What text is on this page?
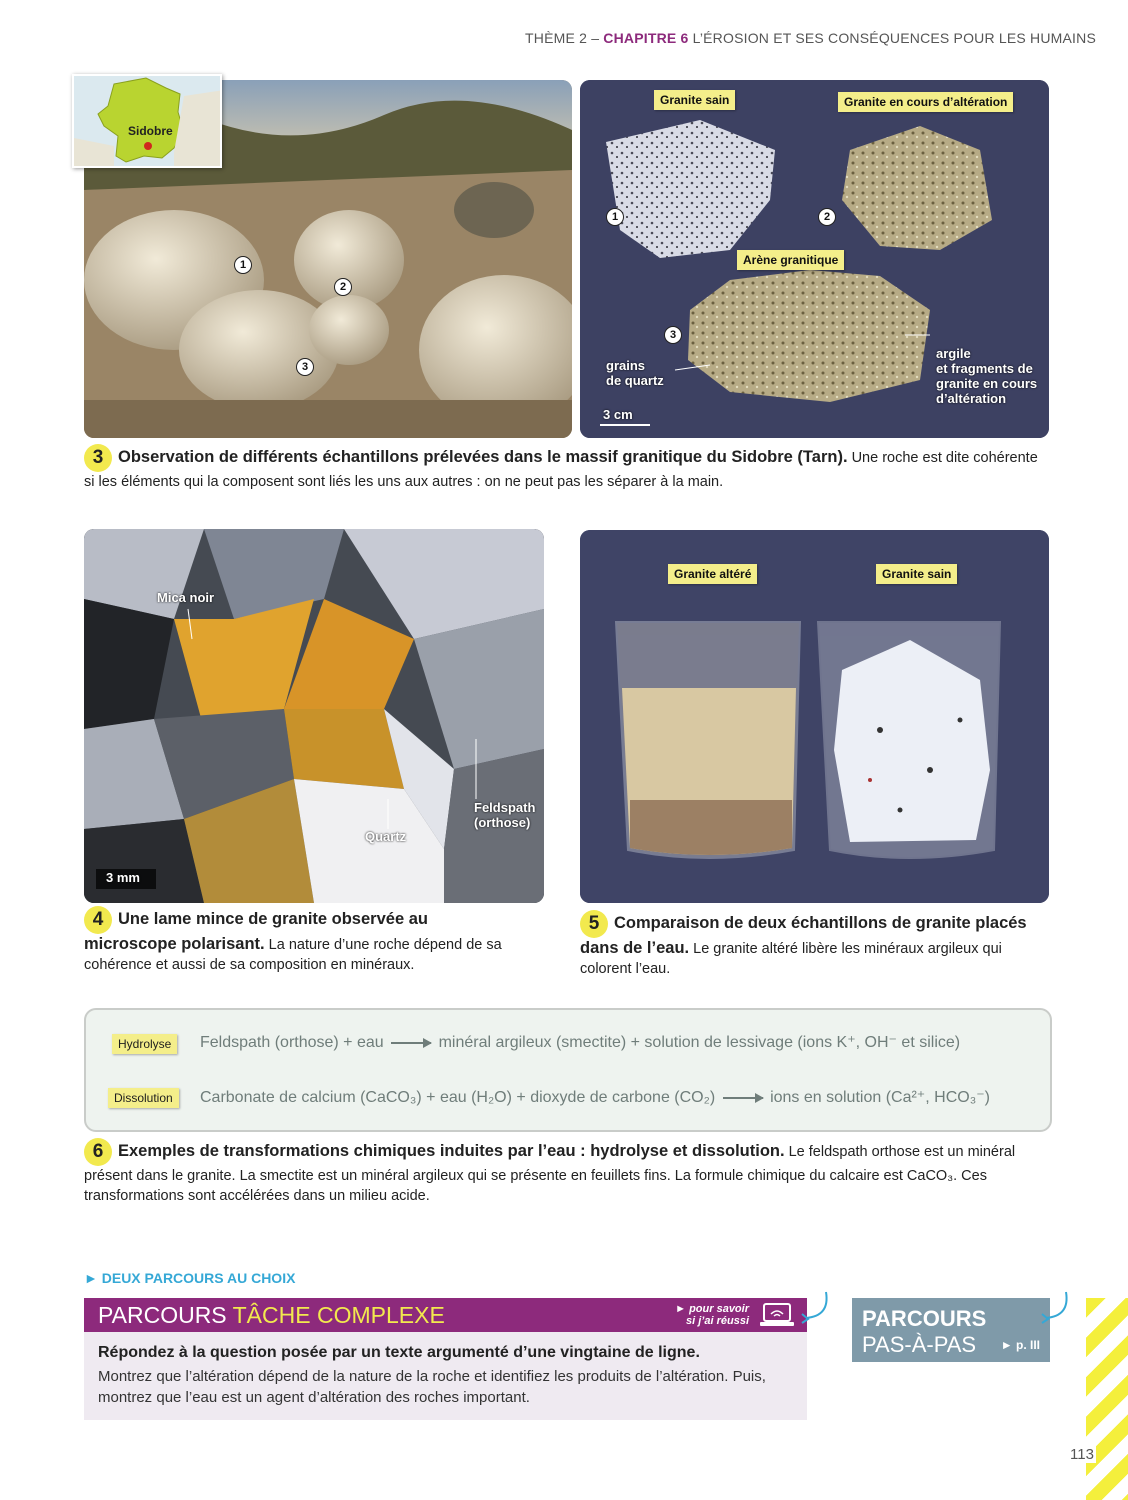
THÈME 2 – CHAPITRE 6 L’ÉROSION ET SES CONSÉQUENCES POUR LES HUMAINS
1
2
3
Sidobre
Granite sain	Granite en cours d’altération
Arène granitique
1	2
3
grains
de quartz
argile
et fragments de
granite en cours
d’altération
3 cm
3 Observation de différents échantillons prélevées dans le massif granitique du Sidobre (Tarn). Une roche est dite cohérente si les éléments qui la composent sont liés les uns aux autres : on ne peut pas les séparer à la main.
Mica noir
Quartz
Feldspath
(orthose)
3 mm
4 Une lame mince de granite observée au microscope polarisant. La nature d’une roche dépend de sa cohérence et aussi de sa composition en minéraux.
Granite altéré	Granite sain
5 Comparaison de deux échantillons de granite placés dans de l’eau. Le granite altéré libère les minéraux argileux qui colorent l’eau.
Hydrolyse	Feldspath (orthose) + eau	minéral argileux (smectite) + solution de lessivage (ions K⁺, OH⁻ et silice)
Dissolution	Carbonate de calcium (CaCO₃) + eau (H₂O) + dioxyde de carbone (CO₂)	ions en solution (Ca²⁺, HCO₃⁻)
6 Exemples de transformations chimiques induites par l’eau : hydrolyse et dissolution. Le feldspath orthose est un minéral présent dans le granite. La smectite est un minéral argileux qui se présente en feuillets fins. La formule chimique du calcaire est CaCO₃. Ces transformations sont accélérées dans un milieu acide.
► DEUX PARCOURS AU CHOIX
PARCOURS TÂCHE COMPLEXE	► pour savoir
si j’ai réussi
Répondez à la question posée par un texte argumenté d’une vingtaine de ligne.
Montrez que l’altération dépend de la nature de la roche et identifiez les produits de l’altération. Puis, montrez que l’eau est un agent d’altération des roches important.
PARCOURS
PAS-À-PAS ► p. III
113
